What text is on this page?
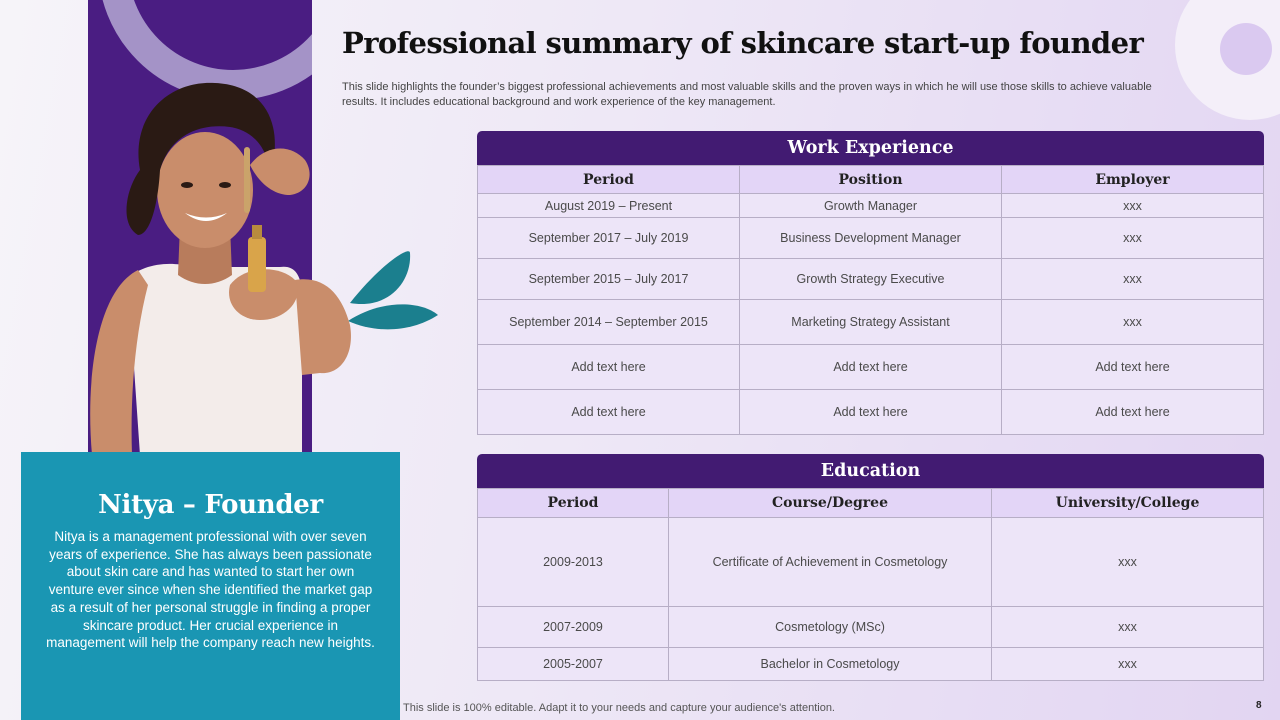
Professional summary of skincare start-up founder
This slide highlights the founder’s biggest professional achievements and most valuable skills and the proven ways in which he will use those skills to achieve valuable results. It includes educational background and work experience of the key management.
Nitya – Founder
Nitya is a management professional with over seven years of experience. She has always been passionate about skin care and has wanted to start her own venture ever since when she identified the market gap as a result of her personal struggle in finding a proper skincare product. Her crucial experience in management will help the company reach new heights.
Work Experience
Period	Position	Employer
August 2019 – Present	Growth Manager	xxx
September 2017 – July 2019	Business Development Manager	xxx
September 2015 – July 2017	Growth Strategy Executive	xxx
September 2014 – September 2015	Marketing Strategy Assistant	xxx
Add text here	Add text here	Add text here
Add text here	Add text here	Add text here
Education
Period	Course/Degree	University/College
2009-2013	Certificate of Achievement in Cosmetology	xxx
2007-2009	Cosmetology (MSc)	xxx
2005-2007	Bachelor in Cosmetology	xxx
This slide is 100% editable. Adapt it to your needs and capture your audience's attention.	8
